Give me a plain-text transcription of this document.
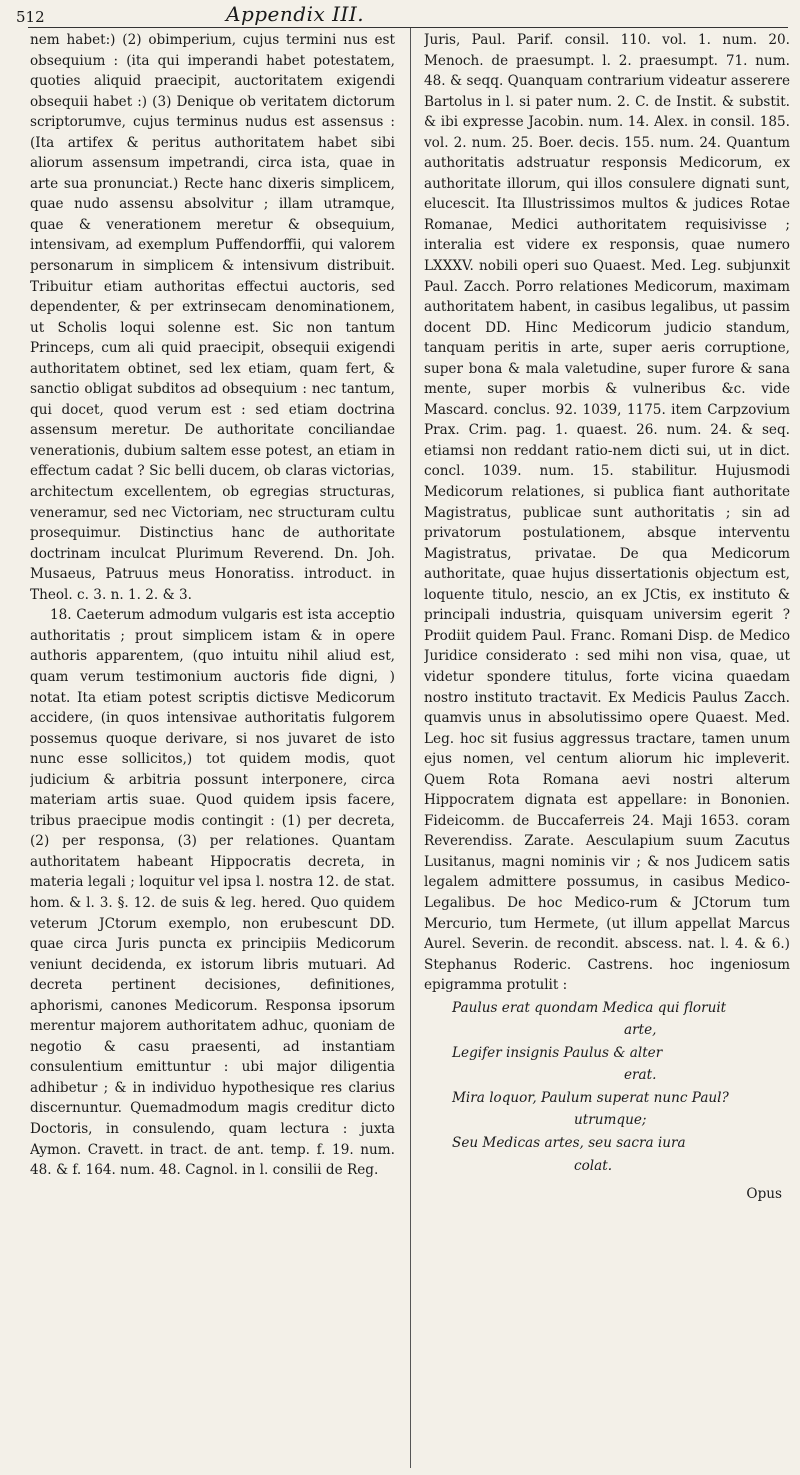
512	Appendix III.

nem habet:) (2) obimperium, cujus termini nus est obsequium : (ita qui imperandi habet potestatem, quoties aliquid praecipit, auctoritatem exigendi obsequii habet :) (3) Denique ob veritatem dictorum scriptorumve, cujus terminus nudus est assensus : (Ita artifex & peritus authoritatem habet sibi aliorum assensum impetrandi, circa ista, quae in arte sua pronunciat.) Recte hanc dixeris simplicem, quae nudo assensu absolvitur ; illam utramque, quae & venerationem meretur & obsequium, intensivam, ad exemplum Puffendorffii, qui valorem personarum in simplicem & intensivum distribuit. Tribuitur etiam authoritas effectui auctoris, sed dependenter, & per extrinsecam denominationem, ut Scholis loqui solenne est. Sic non tantum Princeps, cum ali quid praecipit, obsequii exigendi authoritatem obtinet, sed lex etiam, quam fert, & sanctio obligat subditos ad obsequium : nec tantum, qui docet, quod verum est : sed etiam doctrina assensum meretur. De authoritate conciliandae venerationis, dubium saltem esse potest, an etiam in effectum cadat ? Sic belli ducem, ob claras victorias, architectum excellentem, ob egregias structuras, veneramur, sed nec Victoriam, nec structuram cultu prosequimur. Distinctius hanc de authoritate doctrinam inculcat Plurimum Reverend. Dn. Joh. Musaeus, Patruus meus Honoratiss. introduct. in Theol. c. 3. n. 1. 2. & 3.

18. Caeterum admodum vulgaris est ista acceptio authoritatis ; prout simplicem istam & in opere authoris apparentem, (quo intuitu nihil aliud est, quam verum testimonium auctoris fide digni, ) notat. Ita etiam potest scriptis dictisve Medicorum accidere, (in quos intensivae authoritatis fulgorem possemus quoque derivare, si nos juvaret de isto nunc esse sollicitos,) tot quidem modis, quot judicium & arbitria possunt interponere, circa materiam artis suae. Quod quidem ipsis facere, tribus praecipue modis contingit : (1) per decreta, (2) per responsa, (3) per relationes. Quantam authoritatem habeant Hippocratis decreta, in materia legali ; loquitur vel ipsa l. nostra 12. de stat. hom. & l. 3. §. 12. de suis & leg. hered. Quo quidem veterum JCtorum exemplo, non erubescunt DD. quae circa Juris puncta ex principiis Medicorum veniunt decidenda, ex istorum libris mutuari. Ad decreta pertinent decisiones, definitiones, aphorismi, canones Medicorum. Responsa ipsorum merentur majorem authoritatem adhuc, quoniam de negotio & casu praesenti, ad instantiam consulentium emittuntur : ubi major diligentia adhibetur ; & in individuo hypothesique res clarius discernuntur. Quemadmodum magis creditur dicto Doctoris, in consulendo, quam lectura : juxta Aymon. Cravett. in tract. de ant. temp. f. 19. num. 48. & f. 164. num. 48. Cagnol. in l. consilii de Reg.

Juris, Paul. Parif. consil. 110. vol. 1. num. 20. Menoch. de praesumpt. l. 2. praesumpt. 71. num. 48. & seqq. Quanquam contrarium videatur asserere Bartolus in l. si pater num. 2. C. de Instit. & substit. & ibi expresse Jacobin. num. 14. Alex. in consil. 185. vol. 2. num. 25. Boer. decis. 155. num. 24. Quantum authoritatis adstruatur responsis Medicorum, ex authoritate illorum, qui illos consulere dignati sunt, elucescit. Ita Illustrissimos multos & judices Rotae Romanae, Medici authoritatem requisivisse ; interalia est videre ex responsis, quae numero LXXXV. nobili operi suo Quaest. Med. Leg. subjunxit Paul. Zacch. Porro relationes Medicorum, maximam authoritatem habent, in casibus legalibus, ut passim docent DD. Hinc Medicorum judicio standum, tanquam peritis in arte, super aeris corruptione, super bona & mala valetudine, super furore & sana mente, super morbis & vulneribus &c. vide Mascard. conclus. 92. 1039, 1175. item Carpzovium Prax. Crim. pag. 1. quaest. 26. num. 24. & seq. etiamsi non reddant ratio-nem dicti sui, ut in dict. concl. 1039. num. 15. stabilitur. Hujusmodi Medicorum relationes, si publica fiant authoritate Magistratus, publicae sunt authoritatis ; sin ad privatorum postulationem, absque interventu Magistratus, privatae. De qua Medicorum authoritate, quae hujus dissertationis objectum est, loquente titulo, nescio, an ex JCtis, ex instituto & principali industria, quisquam universim egerit ? Prodiit quidem Paul. Franc. Romani Disp. de Medico Juridice considerato : sed mihi non visa, quae, ut videtur spondere titulus, forte vicina quaedam nostro instituto tractavit. Ex Medicis Paulus Zacch. quamvis unus in absolutissimo opere Quaest. Med. Leg. hoc sit fusius aggressus tractare, tamen unum ejus nomen, vel centum aliorum hic impleverit. Quem Rota Romana aevi nostri alterum Hippocratem dignata est appellare: in Bononien. Fideicomm. de Buccaferreis 24. Maji 1653. coram Reverendiss. Zarate. Aesculapium suum Zacutus Lusitanus, magni nominis vir ; & nos Judicem satis legalem admittere possumus, in casibus Medico-Legalibus. De hoc Medico-rum & JCtorum tum Mercurio, tum Hermete, (ut illum appellat Marcus Aurel. Severin. de recondit. abscess. nat. l. 4. & 6.) Stephanus Roderic. Castrens. hoc ingeniosum epigramma protulit :

Paulus erat quondam Medica qui floruit

arte,

Legifer insignis Paulus & alter

erat.

Mira loquor, Paulum superat nunc Paul?

utrumque;

Seu Medicas artes, seu sacra iura

colat.

Opus
